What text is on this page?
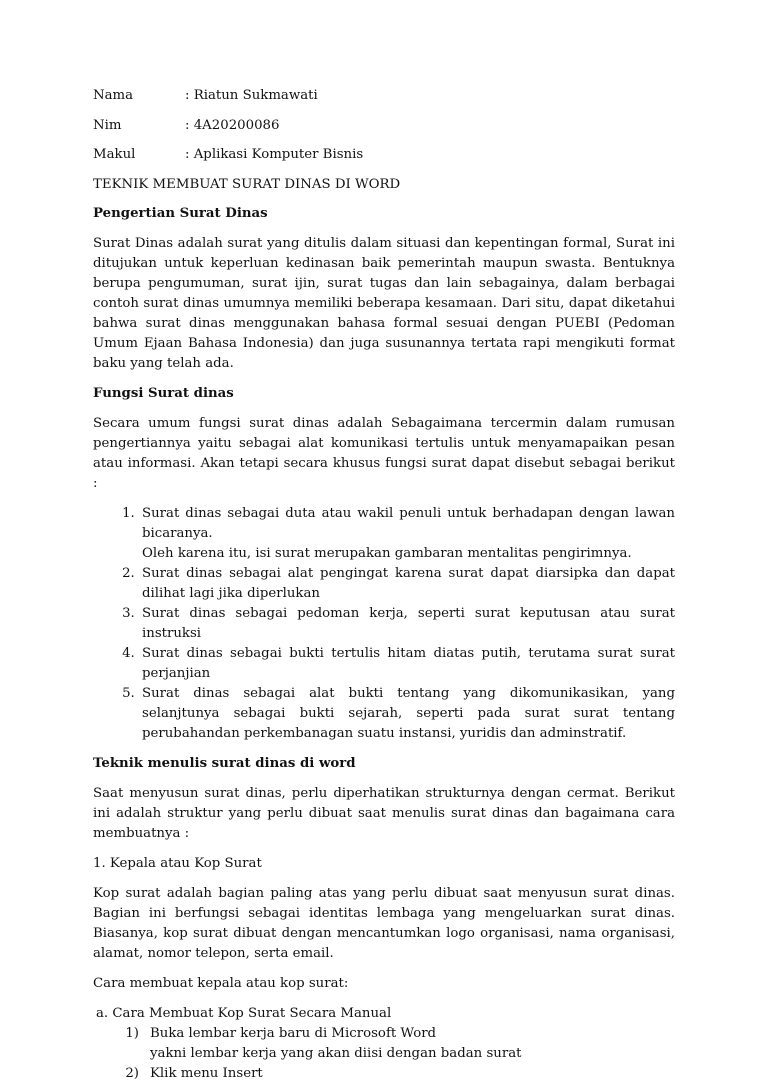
Nama	: Riatun Sukmawati
Nim	: 4A20200086
Makul	: Aplikasi Komputer Bisnis
TEKNIK MEMBUAT SURAT DINAS DI WORD
Pengertian Surat Dinas

Surat Dinas adalah surat yang ditulis dalam situasi dan kepentingan formal, Surat ini ditujukan untuk keperluan kedinasan baik pemerintah maupun swasta. Bentuknya berupa pengumuman, surat ijin, surat tugas dan lain sebagainya, dalam berbagai contoh surat dinas umumnya memiliki beberapa kesamaan. Dari situ, dapat diketahui bahwa surat dinas menggunakan bahasa formal sesuai dengan PUEBI (Pedoman Umum Ejaan Bahasa Indonesia) dan juga susunannya tertata rapi mengikuti format baku yang telah ada.

Fungsi Surat dinas

Secara umum fungsi surat dinas adalah Sebagaimana tercermin dalam rumusan pengertiannya yaitu sebagai alat komunikasi tertulis untuk menyamapaikan pesan atau informasi. Akan tetapi secara khusus fungsi surat dapat disebut sebagai berikut :

1. Surat dinas sebagai duta atau wakil penuli untuk berhadapan dengan lawan bicaranya.
Oleh karena itu, isi surat merupakan gambaran mentalitas pengirimnya.
2. Surat dinas sebagai alat pengingat karena surat dapat diarsipka dan dapat dilihat lagi jika diperlukan
3. Surat dinas sebagai pedoman kerja, seperti surat keputusan atau surat instruksi
4. Surat dinas sebagai bukti tertulis hitam diatas putih, terutama surat surat perjanjian
5. Surat dinas sebagai alat bukti tentang yang dikomunikasikan, yang selanjtunya sebagai bukti sejarah, seperti pada surat surat tentang perubahandan perkembanagan suatu instansi, yuridis dan adminstratif.
Teknik menulis surat dinas di word

Saat menyusun surat dinas, perlu diperhatikan strukturnya dengan cermat. Berikut ini adalah struktur yang perlu dibuat saat menulis surat dinas dan bagaimana cara membuatnya :

1. Kepala atau Kop Surat

Kop surat adalah bagian paling atas yang perlu dibuat saat menyusun surat dinas. Bagian ini berfungsi sebagai identitas lembaga yang mengeluarkan surat dinas. Biasanya, kop surat dibuat dengan mencantumkan logo organisasi, nama organisasi, alamat, nomor telepon, serta email.

Cara membuat kepala atau kop surat:

a. Cara Membuat Kop Surat Secara Manual
1) Buka lembar kerja baru di Microsoft Word
yakni lembar kerja yang akan diisi dengan badan surat
2) Klik menu Insert
